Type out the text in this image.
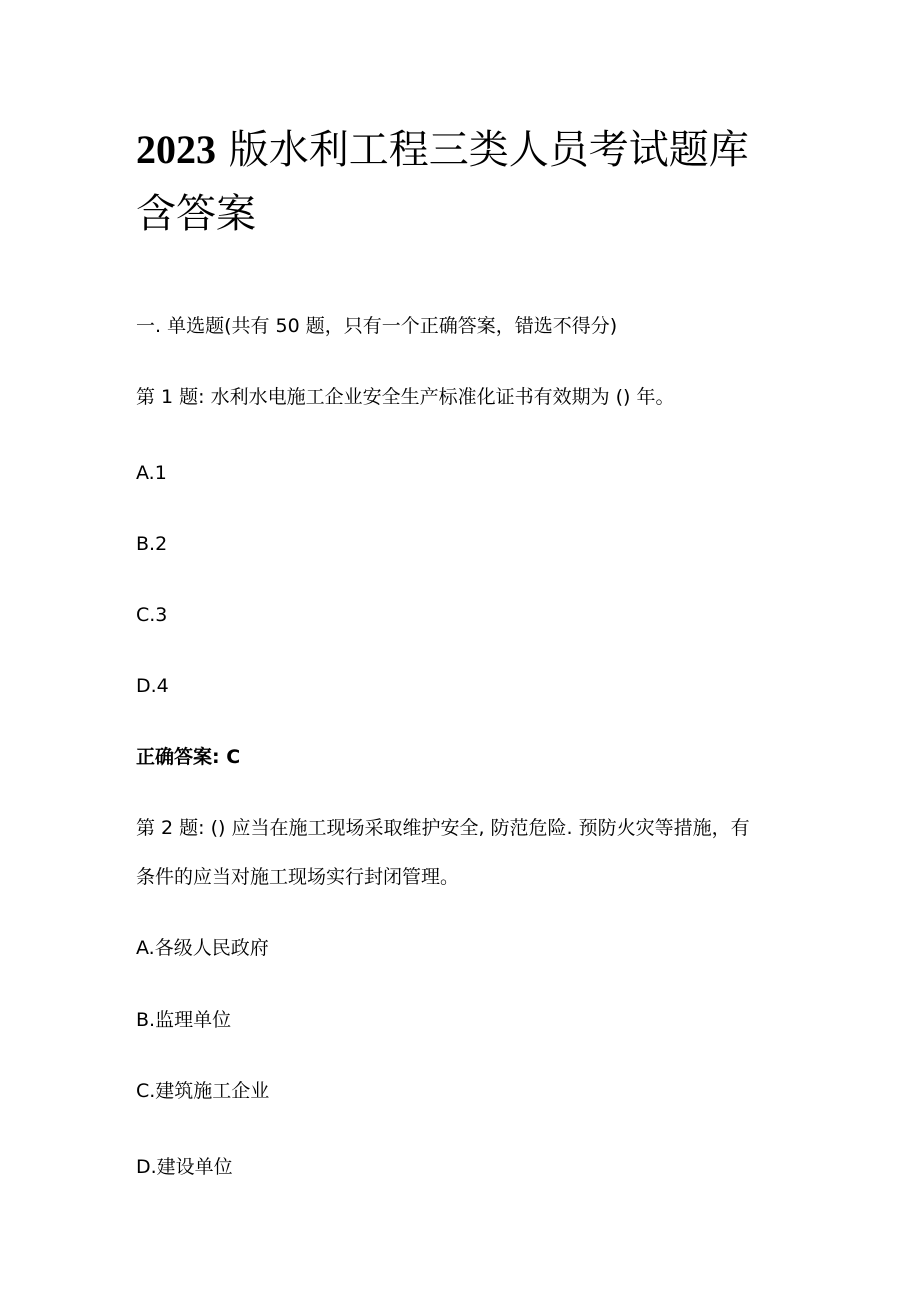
2023 版水利工程三类人员考试题库
含答案

一. 单选题(共有 50 题，只有一个正确答案，错选不得分)

第 1 题: 水利水电施工企业安全生产标准化证书有效期为 () 年。

A.1

B.2

C.3

D.4

正确答案: C

第 2 题: () 应当在施工现场采取维护安全, 防范危险. 预防火灾等措施，有

条件的应当对施工现场实行封闭管理。

A.各级人民政府

B.监理单位

C.建筑施工企业

D.建设单位
